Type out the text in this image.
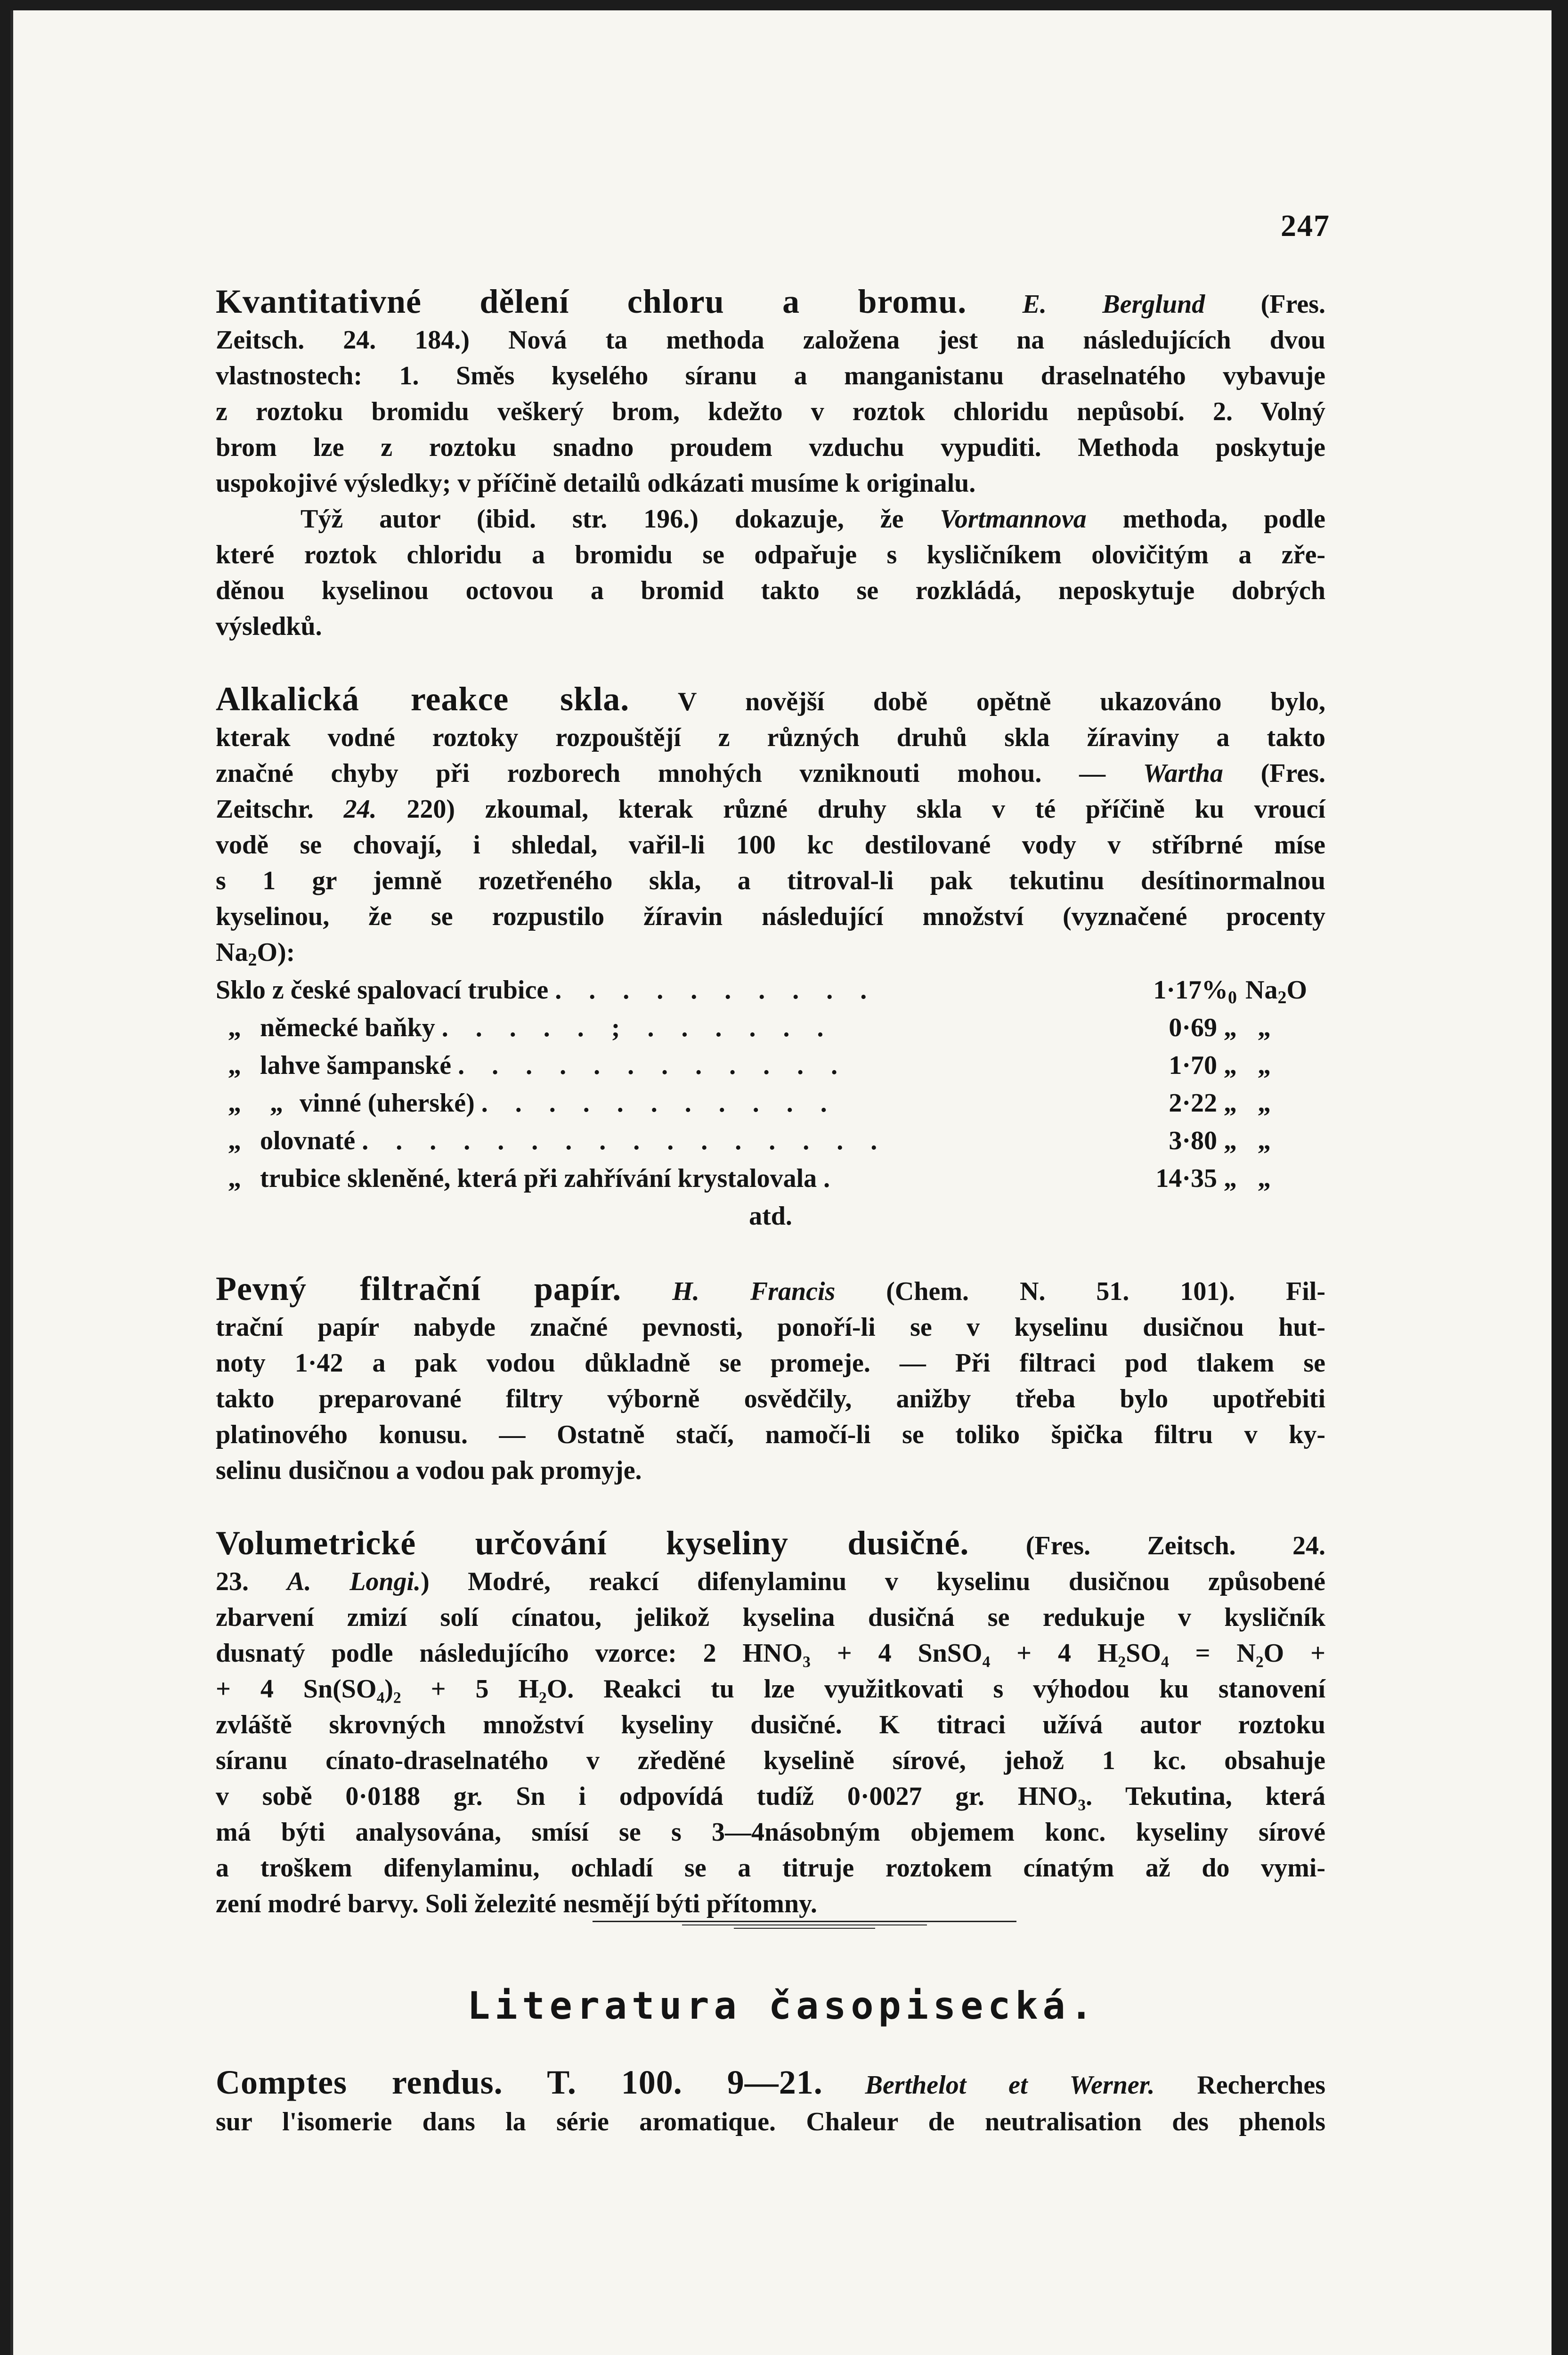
247

Kvantitativné dělení chloru a bromu. E. Berglund (Fres.
Zeitsch. 24. 184.) Nová ta methoda založena jest na následujících dvou
vlastnostech: 1. Směs kyselého síranu a manganistanu draselnatého vybavuje
z roztoku bromidu veškerý brom, kdežto v roztok chloridu nepůsobí. 2. Volný
brom lze z roztoku snadno proudem vzduchu vypuditi. Methoda poskytuje

uspokojivé výsledky; v příčině detailů odkázati musíme k originalu.
Týž autor (ibid. str. 196.) dokazuje, že Vortmannova methoda, podle
které roztok chloridu a bromidu se odpařuje s kysličníkem olovičitým a zře-
děnou kyselinou octovou a bromid takto se rozkládá, neposkytuje dobrých
výsledků.
Alkalická reakce skla. V novější době opětně ukazováno bylo,
kterak vodné roztoky rozpouštějí z různých druhů skla žíraviny a takto
značné chyby při rozborech mnohých vzniknouti mohou. — Wartha (Fres.
Zeitschr. 24. 220) zkoumal, kterak různé druhy skla v té příčině ku vroucí
vodě se chovají, i shledal, vařil-li 100 kc destilované vody v stříbrné míse
s 1 gr jemně rozetřeného skla, a titroval-li pak tekutinu desítinormalnou
kyselinou, že se rozpustilo žíravin následující množství (vyznačené procenty
$Na_2O$):
Sklo z české spalovací trubice . . . . . . . . . .	$1\cdot 17\%_0$	$Na_2O$
„ německé baňky . . . . . ; . . . . . .	0·69 „	„
„ lahve šampanské . . . . . . . . . . . .	1·70 „	„
„ „ vinné (uherské) . . . . . . . . . . .	2·22 „	„
„ olovnaté . . . . . . . . . . . . . . . .	3·80 „	„
„ trubice skleněné, která při zahřívání krystalovala .	14·35 „	„
atd.		
Pevný filtrační papír. H. Francis (Chem. N. 51. 101). Fil-
trační papír nabyde značné pevnosti, ponoří-li se v kyselinu dusičnou hut-
noty 1·42 a pak vodou důkladně se promeje. — Při filtraci pod tlakem se
takto preparované filtry výborně osvědčily, anižby třeba bylo upotřebiti
platinového konusu. — Ostatně stačí, namočí-li se toliko špička filtru v ky-
selinu dusičnou a vodou pak promyje.
Volumetrické určování kyseliny dusičné. (Fres. Zeitsch. 24.
23. A. Longi.) Modré, reakcí difenylaminu v kyselinu dusičnou způsobené
zbarvení zmizí solí cínatou, jelikož kyselina dusičná se redukuje v kysličník
dusnatý podle následujícího vzorce: 2 HNO₃ + 4 SnSO₄ + 4 H₂SO₄ = N₂O +
+ 4 Sn(SO₄)₂ + 5 H₂O. Reakci tu lze využitkovati s výhodou ku stanovení
zvláště skrovných množství kyseliny dusičné. K titraci užívá autor roztoku
síranu cínato-draselnatého v zředěné kyselině sírové, jehož 1 kc. obsahuje
v sobě 0·0188 gr. Sn i odpovídá tudíž 0·0027 gr. HNO₃. Tekutina, která
má býti analysována, smísí se s 3—4násobným objemem konc. kyseliny sírové
a troškem difenylaminu, ochladí se a titruje roztokem cínatým až do vymi-
zení modré barvy. Soli železité nesmějí býti přítomny.
Literatura časopisecká.
Comptes rendus. T. 100. 9—21. Berthelot et Werner. Recherches
sur l'isomerie dans la série aromatique. Chaleur de neutralisation des phenols
